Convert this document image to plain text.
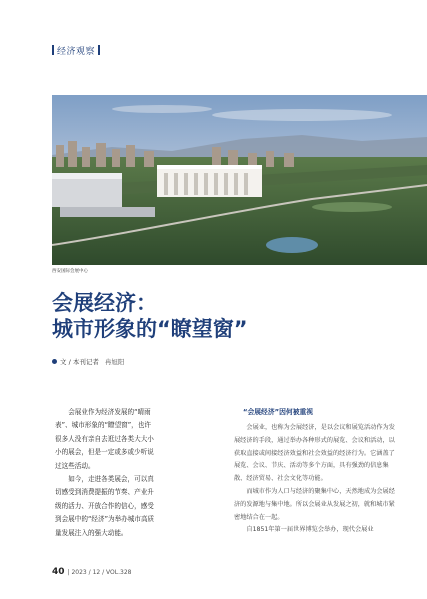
经济观察
西安国际会展中心
会展经济：
城市形象的“瞭望窗”
文 / 本刊记者 冉旭阳

会展业作为经济发展的“晴雨表”、城市形象的“瞭望窗”，也许很多人没有亲自去逛过各类大大小小的展会，但是一定或多或少听说过这些活动。

如今，走进各类展会，可以真切感受到消费提振的节奏、产业升级的活力、开放合作的信心，感受到会展中的“经济”为举办城市高质量发展注入的强大动能。

“会展经济”因何被重视

会展业，也称为会展经济，是以会议和展览活动作为发展经济的手段，通过举办各种形式的展览、会议和活动，以获取直接或间接经济效益和社会效益的经济行为。它涵盖了展览、会议、节庆、活动等多个方面，具有强劲的信息集散、经济贸易、社会文化等功能。

而城市作为人口与经济的聚集中心，天然地成为会展经济的发源地与集中地。所以会展业从发展之初，就和城市紧密地结合在一起。

自1851年第一届世界博览会举办，现代会展业

40 | 2023 / 12 / VOL.328
